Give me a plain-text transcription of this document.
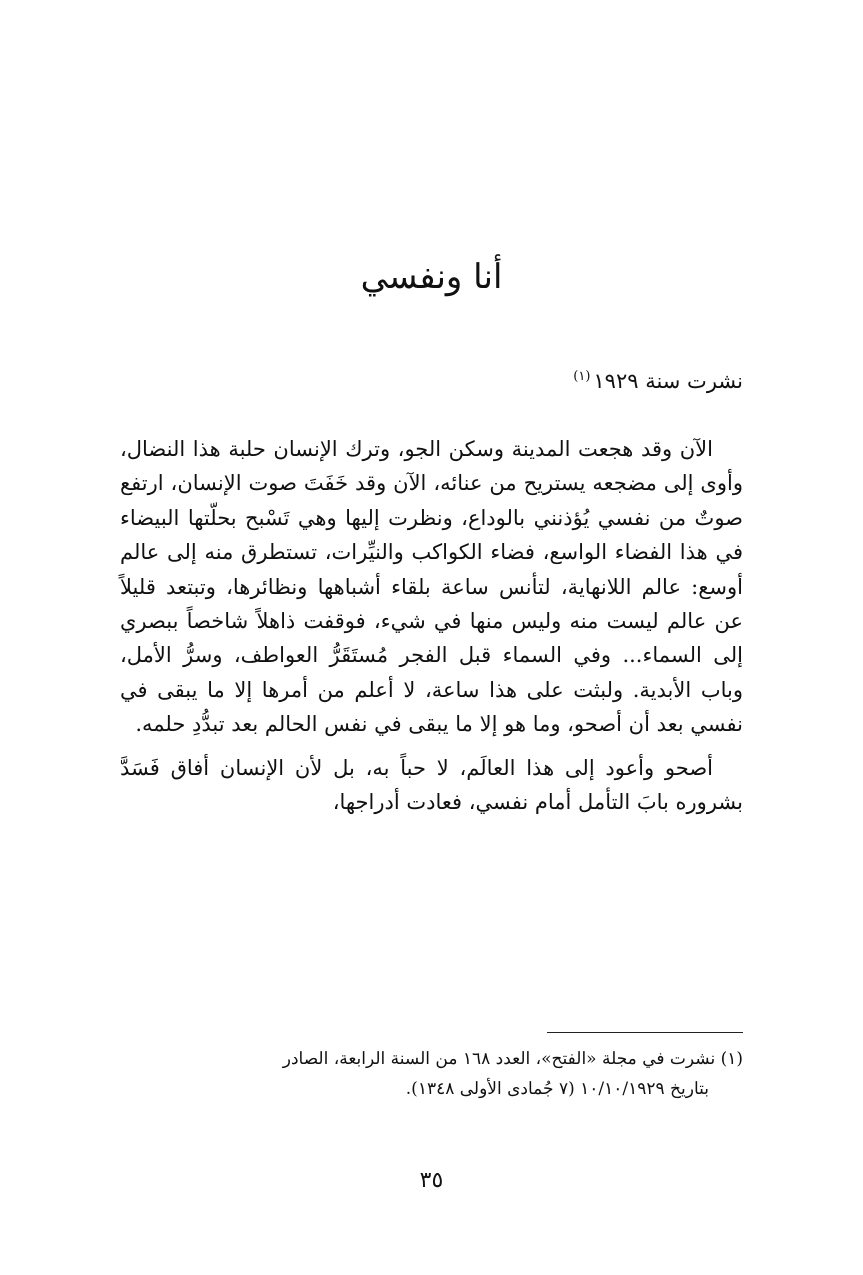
أنا ونفسي
نشرت سنة ١٩٢٩$^{(١)}$

الآن وقد هجعت المدينة وسكن الجو، وترك الإنسان حلبة هذا النضال، وأوى إلى مضجعه يستريح من عنائه، الآن وقد خَفَتَ صوت الإنسان، ارتفع صوتٌ من نفسي يُؤذنني بالوداع، ونظرت إليها وهي تَسْبح بحلّتها البيضاء في هذا الفضاء الواسع، فضاء الكواكب والنيِّرات، تستطرق منه إلى عالم أوسع: عالم اللانهاية، لتأنس ساعة بلقاء أشباهها ونظائرها، وتبتعد قليلاً عن عالم ليست منه وليس منها في شيء، فوقفت ذاهلاً شاخصاً ببصري إلى السماء... وفي السماء قبل الفجر مُستَقَرُّ العواطف، وسرُّ الأمل، وباب الأبدية. ولبثت على هذا ساعة، لا أعلم من أمرها إلا ما يبقى في نفسي بعد أن أصحو، وما هو إلا ما يبقى في نفس الحالم بعد تبدُّدِ حلمه.

أصحو وأعود إلى هذا العالَم، لا حباً به، بل لأن الإنسان أفاق فَسَدَّ بشروره بابَ التأمل أمام نفسي، فعادت أدراجها،

(١) نشرت في مجلة «الفتح»، العدد ١٦٨ من السنة الرابعة، الصادر
بتاريخ ١٠/١٠/١٩٢٩ (٧ جُمادى الأولى ١٣٤٨).
٣٥
